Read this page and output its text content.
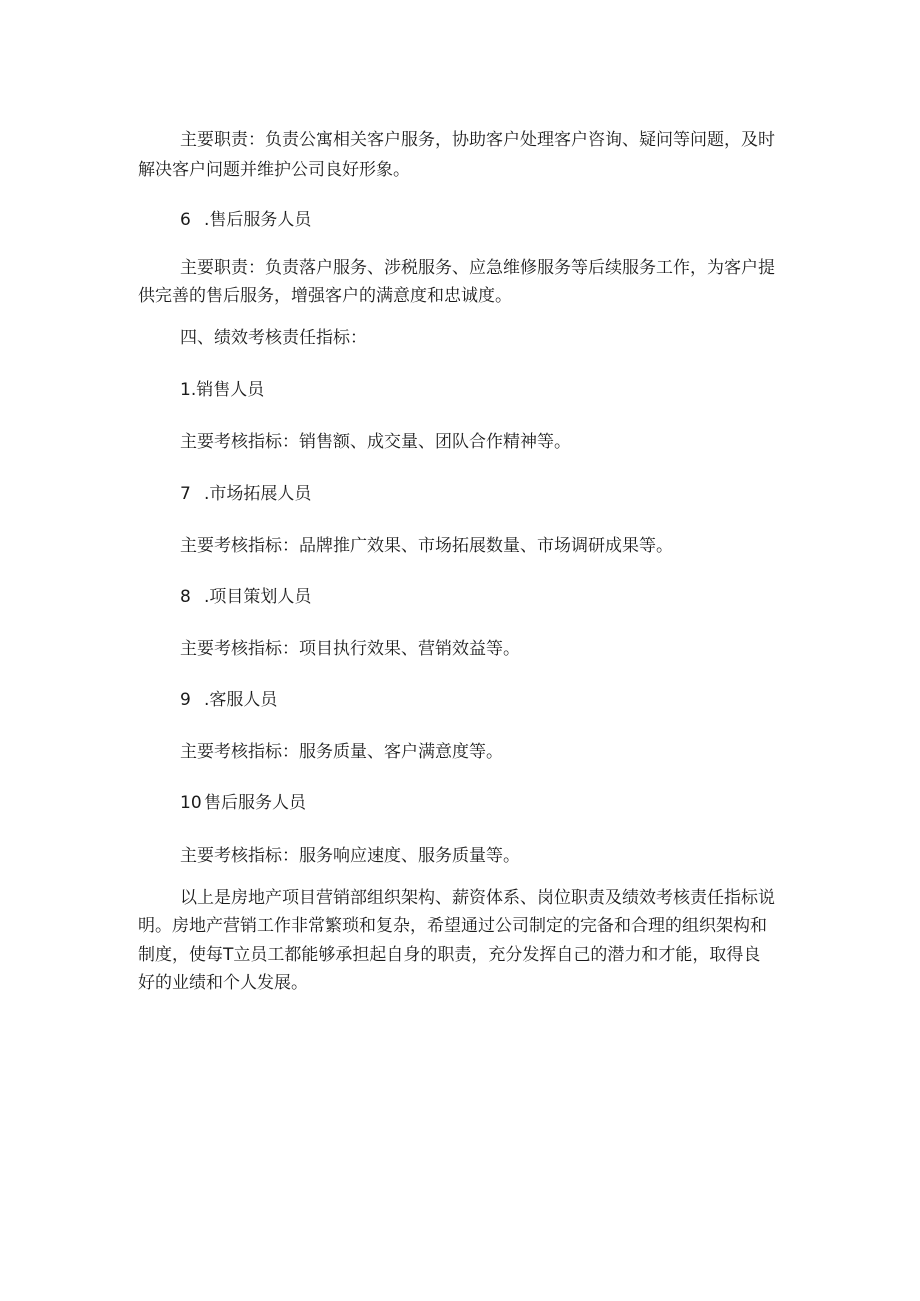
主要职责：负责公寓相关客户服务，协助客户处理客户咨询、疑问等问题，及时

解决客户问题并维护公司良好形象。

6 .售后服务人员

主要职责：负责落户服务、涉税服务、应急维修服务等后续服务工作，为客户提

供完善的售后服务，增强客户的满意度和忠诚度。

四、绩效考核责任指标：

1.销售人员

主要考核指标：销售额、成交量、团队合作精神等。

7 .市场拓展人员

主要考核指标：品牌推广效果、市场拓展数量、市场调研成果等。

8 .项目策划人员

主要考核指标：项目执行效果、营销效益等。

9 .客服人员

主要考核指标：服务质量、客户满意度等。

10 售后服务人员

主要考核指标：服务响应速度、服务质量等。

以上是房地产项目营销部组织架构、薪资体系、岗位职责及绩效考核责任指标说

明。房地产营销工作非常繁琐和复杂，希望通过公司制定的完备和合理的组织架构和

制度，使每T立员工都能够承担起自身的职责，充分发挥自己的潜力和才能，取得良

好的业绩和个人发展。
